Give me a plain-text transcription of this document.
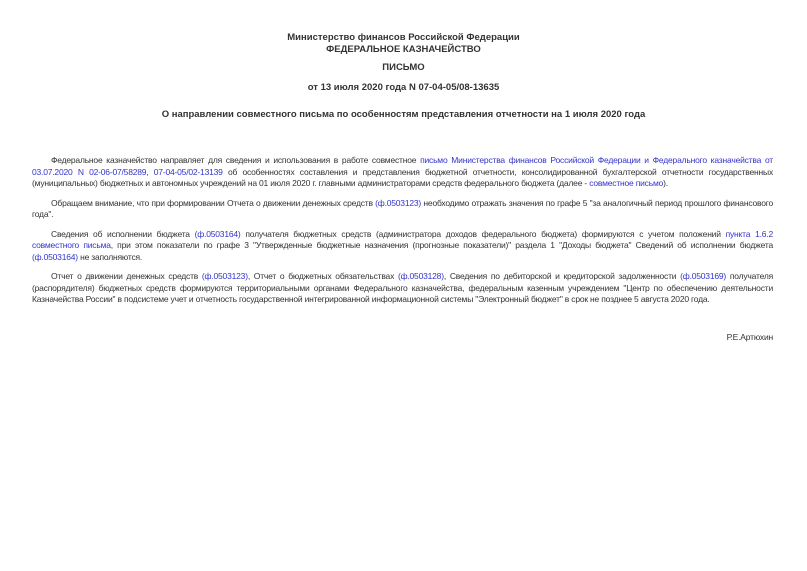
Министерство финансов Российской Федерации
ФЕДЕРАЛЬНОЕ КАЗНАЧЕЙСТВО
ПИСЬМО
от 13 июля 2020 года N 07-04-05/08-13635
О направлении совместного письма по особенностям представления отчетности на 1 июля 2020 года

Федеральное казначейство направляет для сведения и использования в работе совместное письмо Министерства финансов Российской Федерации и Федерального казначейства от 03.07.2020 N 02-06-07/58289, 07-04-05/02-13139 об особенностях составления и представления бюджетной отчетности, консолидированной бухгалтерской отчетности государственных (муниципальных) бюджетных и автономных учреждений на 01 июля 2020 г. главными администраторами средств федерального бюджета (далее - совместное письмо).

Обращаем внимание, что при формировании Отчета о движении денежных средств (ф.0503123) необходимо отражать значения по графе 5 "за аналогичный период прошлого финансового года".

Сведения об исполнении бюджета (ф.0503164) получателя бюджетных средств (администратора доходов федерального бюджета) формируются с учетом положений пункта 1.6.2 совместного письма, при этом показатели по графе 3 "Утвержденные бюджетные назначения (прогнозные показатели)" раздела 1 "Доходы бюджета" Сведений об исполнении бюджета (ф.0503164) не заполняются.

Отчет о движении денежных средств (ф.0503123), Отчет о бюджетных обязательствах (ф.0503128), Сведения по дебиторской и кредиторской задолженности (ф.0503169) получателя (распорядителя) бюджетных средств формируются территориальными органами Федерального казначейства, федеральным казенным учреждением "Центр по обеспечению деятельности Казначейства России" в подсистеме учет и отчетность государственной интегрированной информационной системы "Электронный бюджет" в срок не позднее 5 августа 2020 года.

Р.Е.Артюхин
